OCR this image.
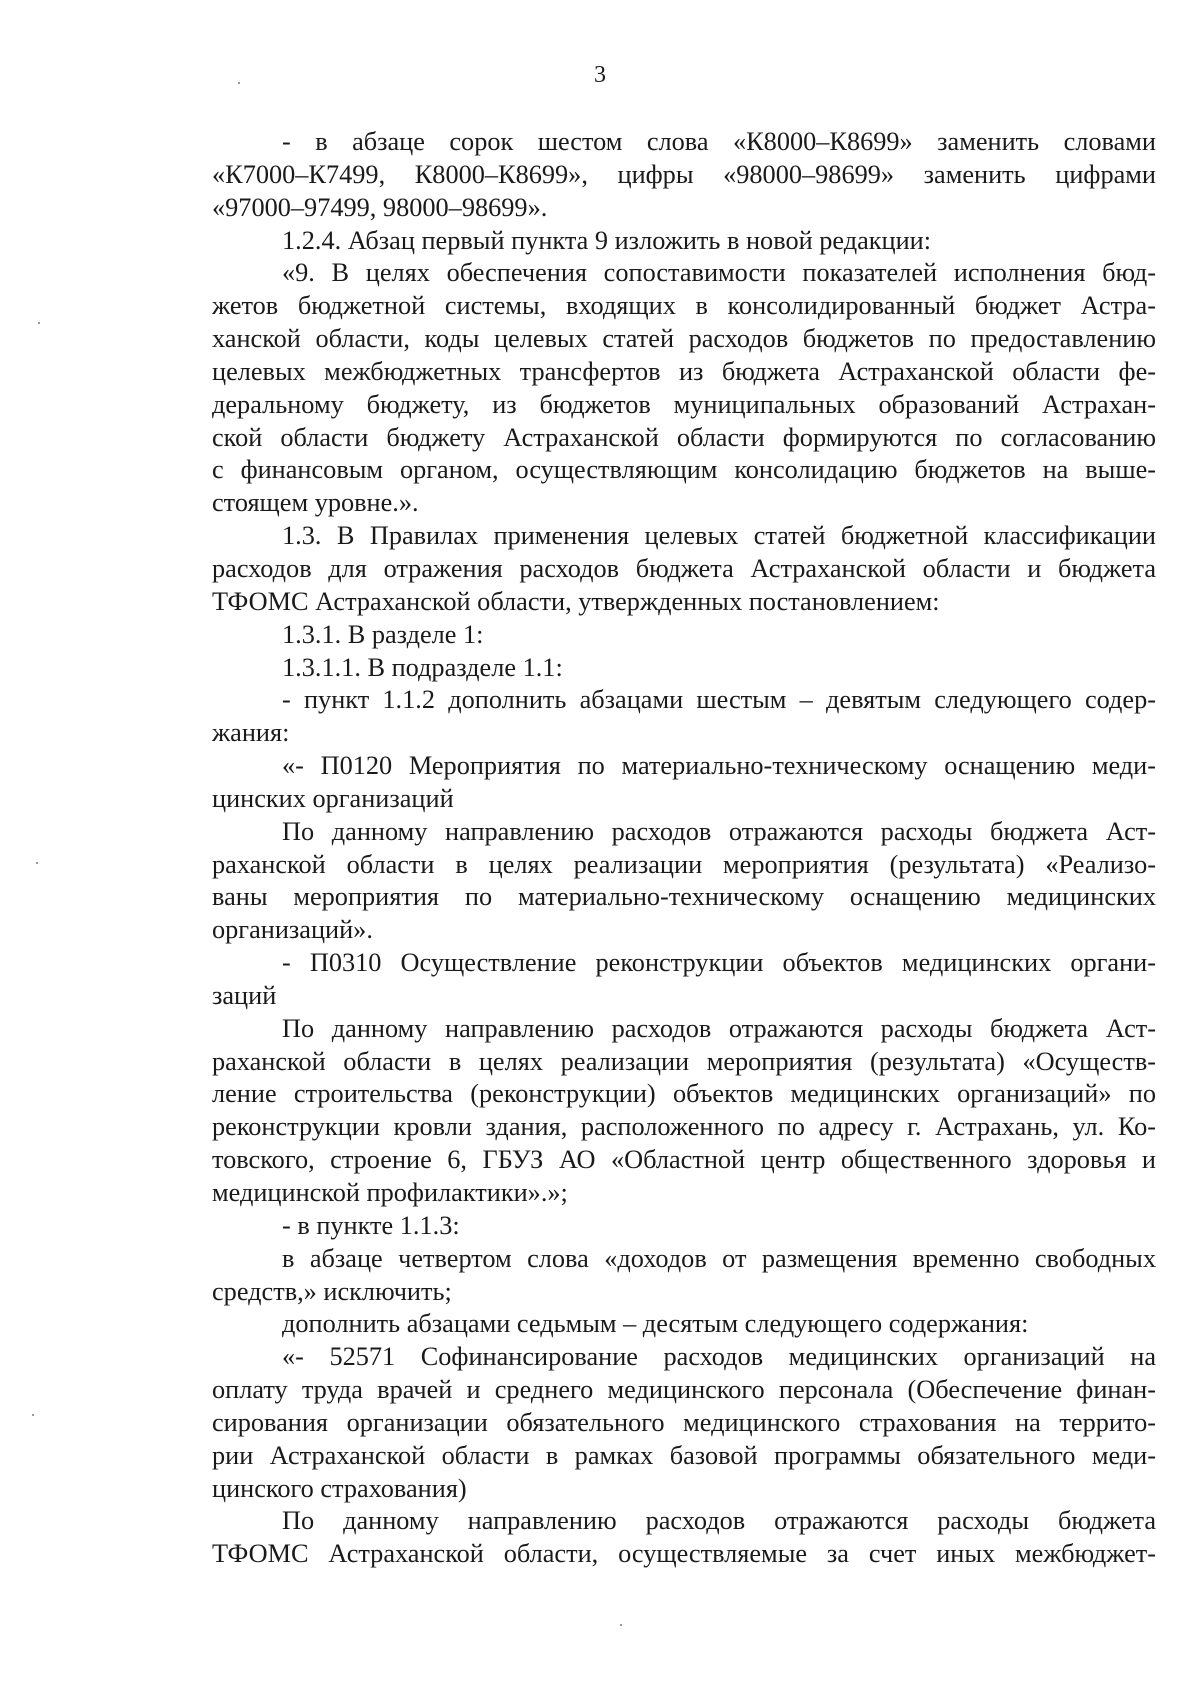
3
- в абзаце сорок шестом слова «К8000–К8699» заменить словами
«К7000–К7499, К8000–К8699», цифры «98000–98699» заменить цифрами
«97000–97499, 98000–98699».
1.2.4. Абзац первый пункта 9 изложить в новой редакции:
«9. В целях обеспечения сопоставимости показателей исполнения бюд-
жетов бюджетной системы, входящих в консолидированный бюджет Астра-
ханской области, коды целевых статей расходов бюджетов по предоставлению
целевых межбюджетных трансфертов из бюджета Астраханской области фе-
деральному бюджету, из бюджетов муниципальных образований Астрахан-
ской области бюджету Астраханской области формируются по согласованию
с финансовым органом, осуществляющим консолидацию бюджетов на выше-
стоящем уровне.».
1.3. В Правилах применения целевых статей бюджетной классификации
расходов для отражения расходов бюджета Астраханской области и бюджета
ТФОМС Астраханской области, утвержденных постановлением:
1.3.1. В разделе 1:
1.3.1.1. В подразделе 1.1:
- пункт 1.1.2 дополнить абзацами шестым – девятым следующего содер-
жания:
«- П0120 Мероприятия по материально-техническому оснащению меди-
цинских организаций
По данному направлению расходов отражаются расходы бюджета Аст-
раханской области в целях реализации мероприятия (результата) «Реализо-
ваны мероприятия по материально-техническому оснащению медицинских
организаций».
- П0310 Осуществление реконструкции объектов медицинских органи-
заций
По данному направлению расходов отражаются расходы бюджета Аст-
раханской области в целях реализации мероприятия (результата) «Осуществ-
ление строительства (реконструкции) объектов медицинских организаций» по
реконструкции кровли здания, расположенного по адресу г. Астрахань, ул. Ко-
товского, строение 6, ГБУЗ АО «Областной центр общественного здоровья и
медицинской профилактики».»;
- в пункте 1.1.3:
в абзаце четвертом слова «доходов от размещения временно свободных
средств,» исключить;
дополнить абзацами седьмым – десятым следующего содержания:
«- 52571 Софинансирование расходов медицинских организаций на
оплату труда врачей и среднего медицинского персонала (Обеспечение финан-
сирования организации обязательного медицинского страхования на террито-
рии Астраханской области в рамках базовой программы обязательного меди-
цинского страхования)
По данному направлению расходов отражаются расходы бюджета
ТФОМС Астраханской области, осуществляемые за счет иных межбюджет-
